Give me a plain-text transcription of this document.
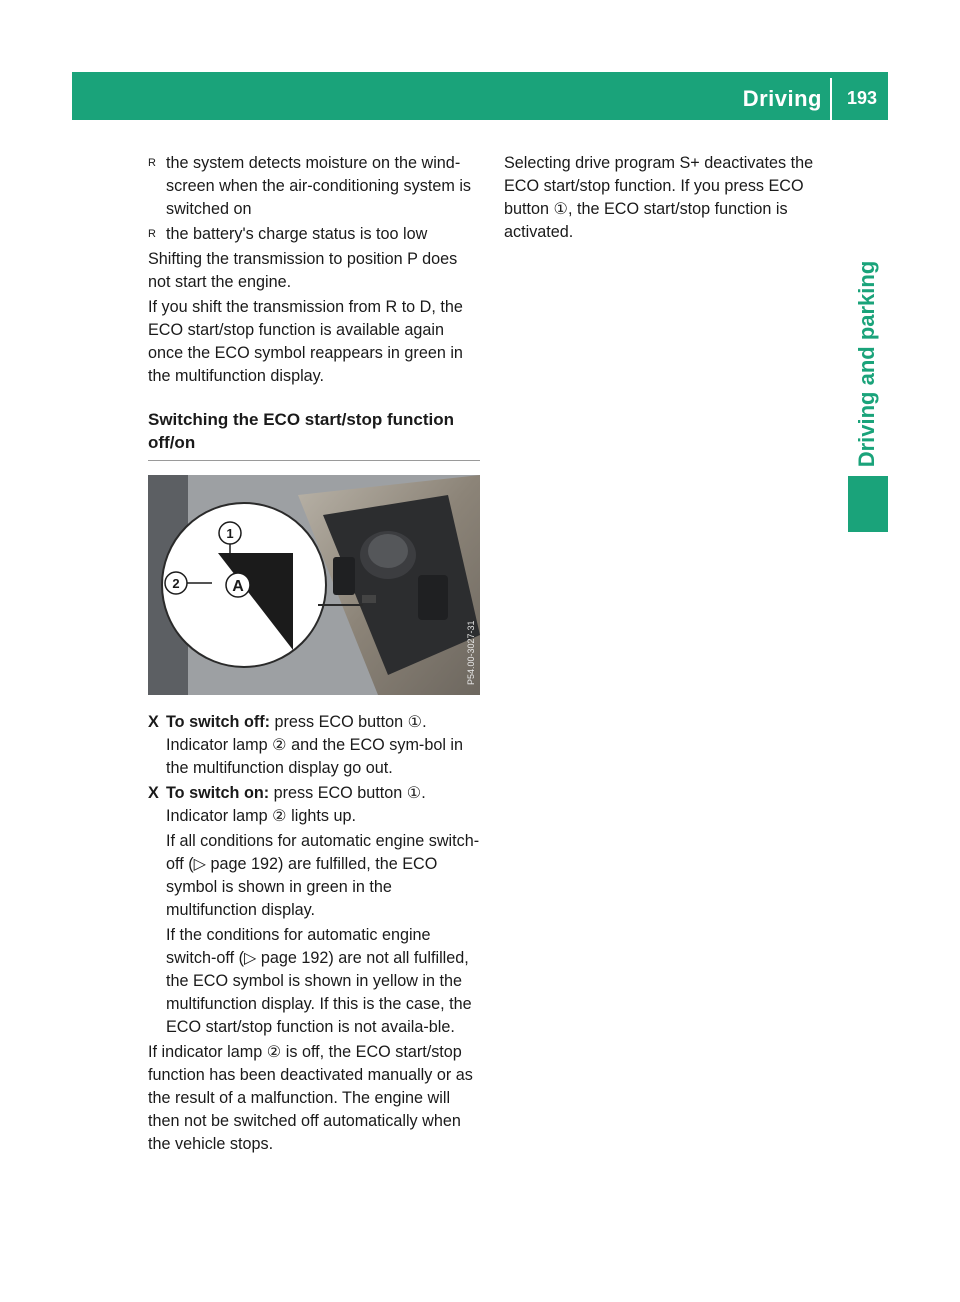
Driving	193
Driving and parking
R the system detects moisture on the wind-screen when the air-conditioning system is switched on
R the battery's charge status is too low

Shifting the transmission to position P does not start the engine.

If you shift the transmission from R to D, the ECO start/stop function is available again once the ECO symbol reappears in green in the multifunction display.

Switching the ECO start/stop function off/on
A
1
2
P54.00-3027-31
X To switch off: press ECO button ①.
Indicator lamp ② and the ECO sym-bol in the multifunction display go out.
X To switch on: press ECO button ①.
Indicator lamp ② lights up.
If all conditions for automatic engine switch-off (▷ page 192) are fulfilled, the ECO symbol is shown in green in the multifunction display.
If the conditions for automatic engine switch-off (▷ page 192) are not all fulfilled, the ECO symbol is shown in yellow in the multifunction display. If this is the case, the ECO start/stop function is not availa-ble.

If indicator lamp ② is off, the ECO start/stop function has been deactivated manually or as the result of a malfunction. The engine will then not be switched off automatically when the vehicle stops.

Selecting drive program S+ deactivates the ECO start/stop function. If you press ECO button ①, the ECO start/stop function is activated.
